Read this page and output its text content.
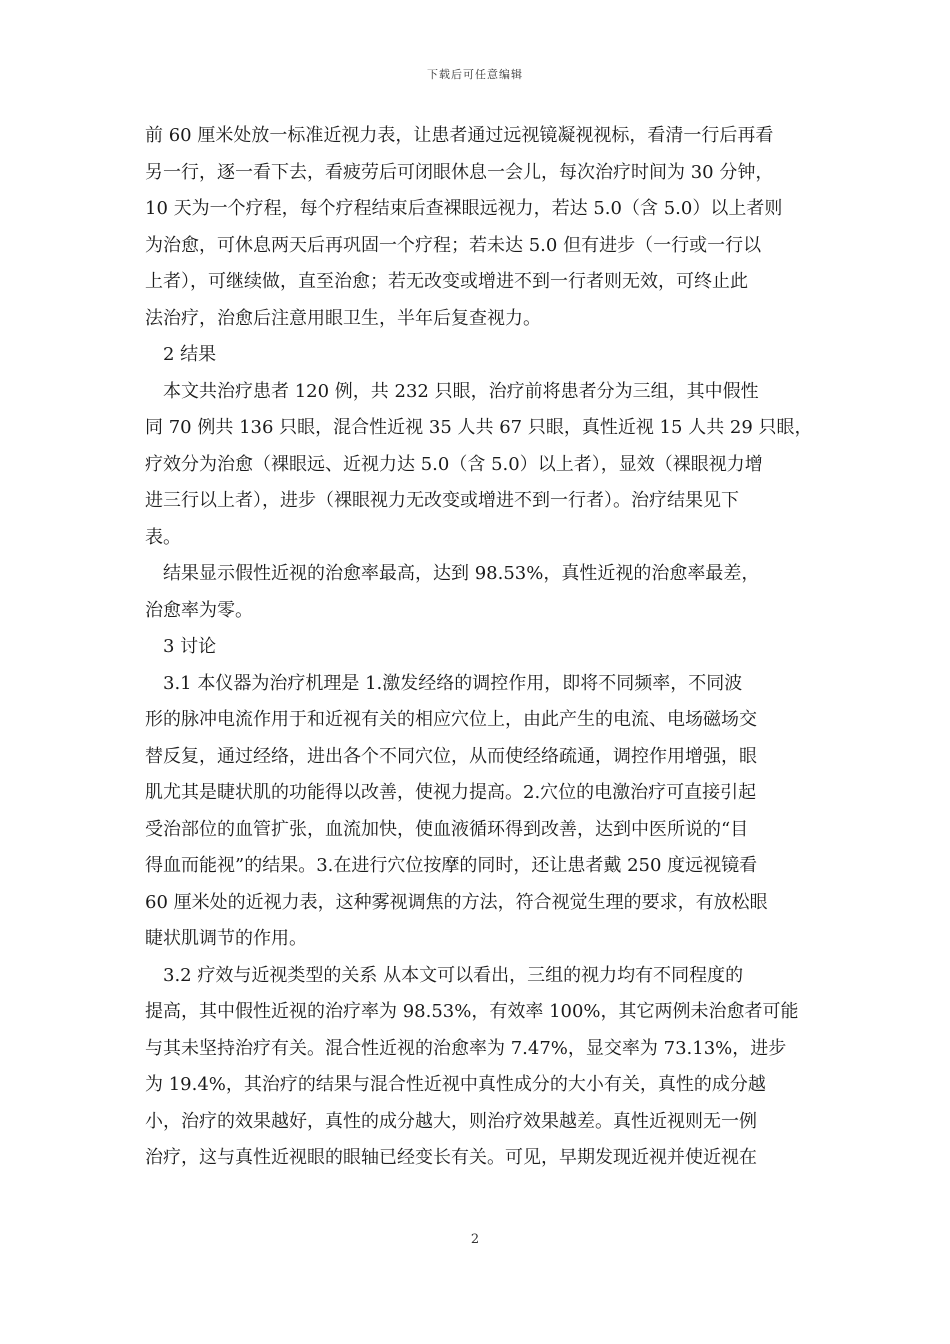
下载后可任意编辑
前 60 厘米处放一标准近视力表，让患者通过远视镜凝视视标，看清一行后再看
另一行，逐一看下去，看疲劳后可闭眼休息一会儿，每次治疗时间为 30 分钟，
10 天为一个疗程，每个疗程结束后查裸眼远视力，若达 5.0（含 5.0）以上者则
为治愈，可休息两天后再巩固一个疗程；若未达 5.0 但有进步（一行或一行以
上者），可继续做，直至治愈；若无改变或增进不到一行者则无效，可终止此
法治疗，治愈后注意用眼卫生，半年后复查视力。
　2 结果
　本文共治疗患者 120 例，共 232 只眼，治疗前将患者分为三组，其中假性
同 70 例共 136 只眼，混合性近视 35 人共 67 只眼，真性近视 15 人共 29 只眼，
疗效分为治愈（裸眼远、近视力达 5.0（含 5.0）以上者），显效（裸眼视力增
进三行以上者），进步（裸眼视力无改变或增进不到一行者）。治疗结果见下
表。
　结果显示假性近视的治愈率最高，达到 98.53%，真性近视的治愈率最差，
治愈率为零。
　3 讨论
　3.1 本仪器为治疗机理是 1.激发经络的调控作用，即将不同频率，不同波
形的脉冲电流作用于和近视有关的相应穴位上，由此产生的电流、电场磁场交
替反复，通过经络，进出各个不同穴位，从而使经络疏通，调控作用增强，眼
肌尤其是睫状肌的功能得以改善，使视力提高。2.穴位的电激治疗可直接引起
受治部位的血管扩张，血流加快，使血液循环得到改善，达到中医所说的“目
得血而能视”的结果。3.在进行穴位按摩的同时，还让患者戴 250 度远视镜看
60 厘米处的近视力表，这种雾视调焦的方法，符合视觉生理的要求，有放松眼
睫状肌调节的作用。
　3.2 疗效与近视类型的关系 从本文可以看出，三组的视力均有不同程度的
提高，其中假性近视的治疗率为 98.53%，有效率 100%，其它两例未治愈者可能
与其未坚持治疗有关。混合性近视的治愈率为 7.47%，显交率为 73.13%，进步
为 19.4%，其治疗的结果与混合性近视中真性成分的大小有关，真性的成分越
小，治疗的效果越好，真性的成分越大，则治疗效果越差。真性近视则无一例
治疗，这与真性近视眼的眼轴已经变长有关。可见，早期发现近视并使近视在
2
